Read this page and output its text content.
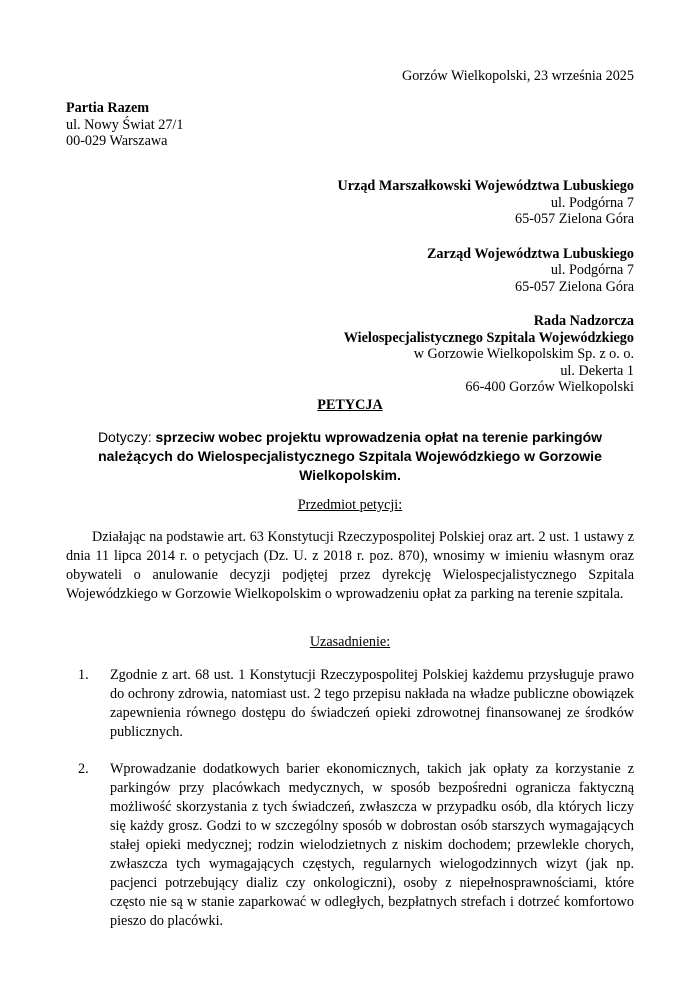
Gorzów Wielkopolski, 23 września 2025
Partia Razem
ul. Nowy Świat 27/1
00-029 Warszawa
Urząd Marszałkowski Województwa Lubuskiego
ul. Podgórna 7
65-057 Zielona Góra
Zarząd Województwa Lubuskiego
ul. Podgórna 7
65-057 Zielona Góra
Rada Nadzorcza
Wielospecjalistycznego Szpitala Wojewódzkiego
w Gorzowie Wielkopolskim Sp. z o. o.
ul. Dekerta 1
66-400 Gorzów Wielkopolski
PETYCJA
Dotyczy: sprzeciw wobec projektu wprowadzenia opłat na terenie parkingów należących do Wielospecjalistycznego Szpitala Wojewódzkiego w Gorzowie Wielkopolskim.
Przedmiot petycji:
Działając na podstawie art. 63 Konstytucji Rzeczypospolitej Polskiej oraz art. 2 ust. 1 ustawy z dnia 11 lipca 2014 r. o petycjach (Dz. U. z 2018 r. poz. 870), wnosimy w imieniu własnym oraz obywateli o anulowanie decyzji podjętej przez dyrekcję Wielospecjalistycznego Szpitala Wojewódzkiego w Gorzowie Wielkopolskim o wprowadzeniu opłat za parking na terenie szpitala.
Uzasadnienie:
1. Zgodnie z art. 68 ust. 1 Konstytucji Rzeczypospolitej Polskiej każdemu przysługuje prawo do ochrony zdrowia, natomiast ust. 2 tego przepisu nakłada na władze publiczne obowiązek zapewnienia równego dostępu do świadczeń opieki zdrowotnej finansowanej ze środków publicznych.
2. Wprowadzanie dodatkowych barier ekonomicznych, takich jak opłaty za korzystanie z parkingów przy placówkach medycznych, w sposób bezpośredni ogranicza faktyczną możliwość skorzystania z tych świadczeń, zwłaszcza w przypadku osób, dla których liczy się każdy grosz. Godzi to w szczególny sposób w dobrostan osób starszych wymagających stałej opieki medycznej; rodzin wielodzietnych z niskim dochodem; przewlekle chorych, zwłaszcza tych wymagających częstych, regularnych wielogodzinnych wizyt (jak np. pacjenci potrzebujący dializ czy onkologiczni), osoby z niepełnosprawnościami, które często nie są w stanie zaparkować w odległych, bezpłatnych strefach i dotrzeć komfortowo pieszo do placówki.
